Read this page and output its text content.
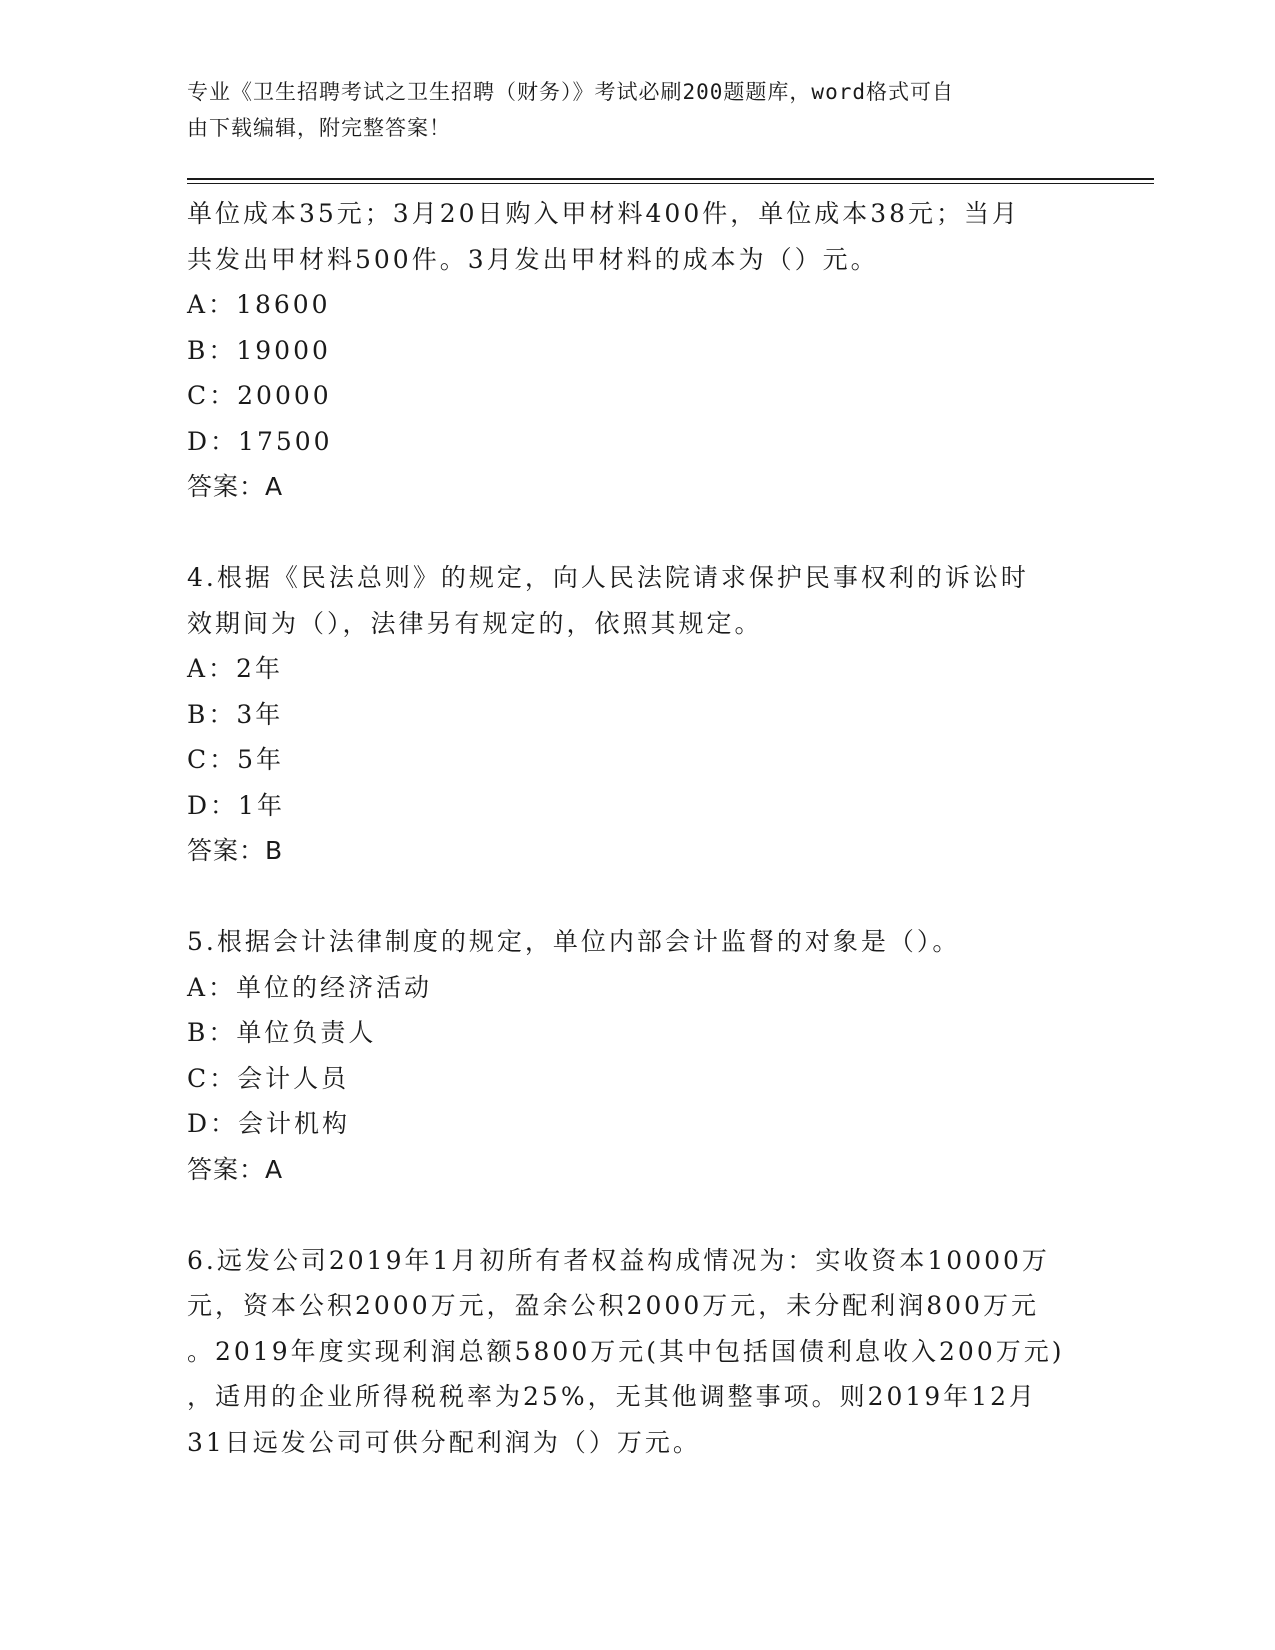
专业《卫生招聘考试之卫生招聘（财务）》考试必刷200题题库，word格式可自
由下载编辑，附完整答案！
单位成本35元；3月20日购入甲材料400件，单位成本38元；当月
共发出甲材料500件。3月发出甲材料的成本为（）元。
A：18600
B：19000
C：20000
D：17500
答案：A
4.根据《民法总则》的规定，向人民法院请求保护民事权利的诉讼时
效期间为（），法律另有规定的，依照其规定。
A：2年
B：3年
C：5年
D：1年
答案：B
5.根据会计法律制度的规定，单位内部会计监督的对象是（）。
A：单位的经济活动
B：单位负责人
C：会计人员
D：会计机构
答案：A
6.远发公司2019年1月初所有者权益构成情况为：实收资本10000万
元，资本公积2000万元，盈余公积2000万元，未分配利润800万元
。2019年度实现利润总额5800万元(其中包括国债利息收入200万元)
，适用的企业所得税税率为25%，无其他调整事项。则2019年12月
31日远发公司可供分配利润为（）万元。
